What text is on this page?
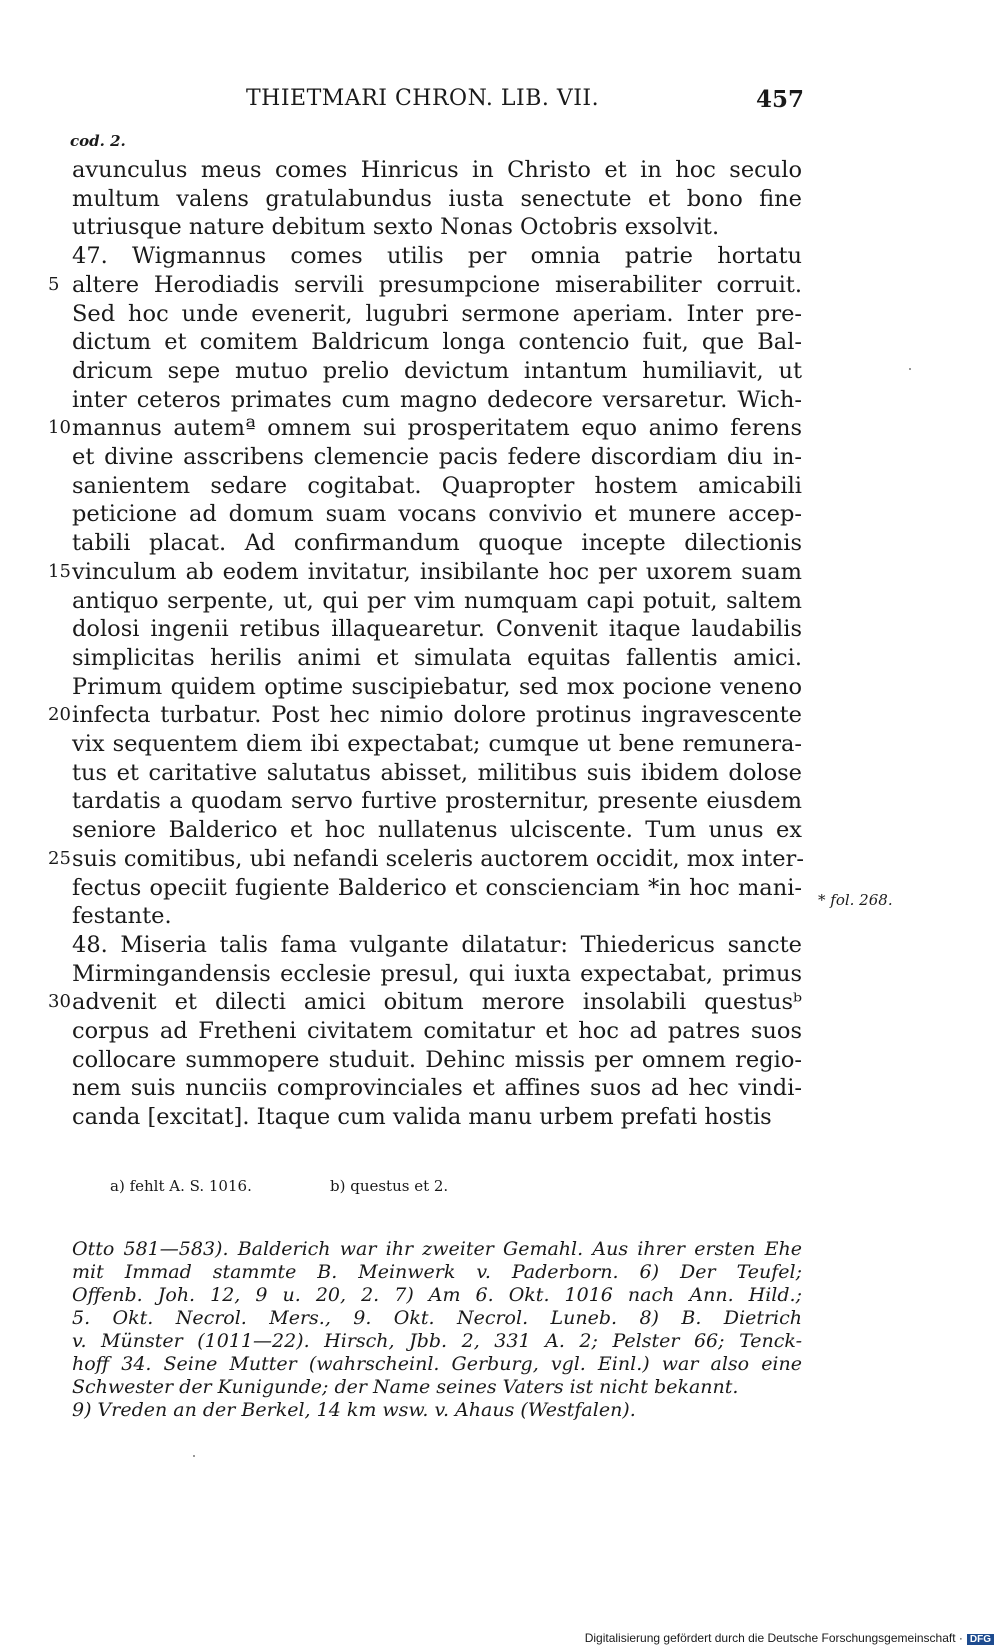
THIETMARI CHRON. LIB. VII.	457
cod. 2.
avunculus meus comes Hinricus in Christo et in hoc seculo
multum valens gratulabundus iusta senectute et bono fine
utriusque nature debitum sexto Nonas Octobris exsolvit.
47. Wigmannus comes utilis per omnia patrie hortatu
altere Herodiadis servili presumpcione miserabiliter corruit.
Sed hoc unde evenerit, lugubri sermone aperiam. Inter pre-
dictum et comitem Baldricum longa contencio fuit, que Bal-
dricum sepe mutuo prelio devictum intantum humiliavit, ut
inter ceteros primates cum magno dedecore versaretur. Wich-
mannus autemª omnem sui prosperitatem equo animo ferens
et divine asscribens clemencie pacis federe discordiam diu in-
sanientem sedare cogitabat. Quapropter hostem amicabili
peticione ad domum suam vocans convivio et munere accep-
tabili placat. Ad confirmandum quoque incepte dilectionis
vinculum ab eodem invitatur, insibilante hoc per uxorem suam
antiquo serpente, ut, qui per vim numquam capi potuit, saltem
dolosi ingenii retibus illaquearetur. Convenit itaque laudabilis
simplicitas herilis animi et simulata equitas fallentis amici.
Primum quidem optime suscipiebatur, sed mox pocione veneno
infecta turbatur. Post hec nimio dolore protinus ingravescente
vix sequentem diem ibi expectabat; cumque ut bene remunera-
tus et caritative salutatus abisset, militibus suis ibidem dolose
tardatis a quodam servo furtive prosternitur, presente eiusdem
seniore Balderico et hoc nullatenus ulciscente. Tum unus ex
suis comitibus, ubi nefandi sceleris auctorem occidit, mox inter-
fectus opeciit fugiente Balderico et conscienciam *in hoc mani-
festante.
48. Miseria talis fama vulgante dilatatur: Thiedericus sancte
Mirmingandensis ecclesie presul, qui iuxta expectabat, primus
advenit et dilecti amici obitum merore insolabili questusᵇ
corpus ad Fretheni civitatem comitatur et hoc ad patres suos
collocare summopere studuit. Dehinc missis per omnem regio-
nem suis nunciis comprovinciales et affines suos ad hec vindi-
canda [excitat]. Itaque cum valida manu urbem prefati hostis
5
10
15
20
25
30
* fol. 268.
a) fehlt A. S. 1016.	b) questus et 2.
Otto 581—583). Balderich war ihr zweiter Gemahl. Aus ihrer ersten Ehe
mit Immad stammte B. Meinwerk v. Paderborn. 6) Der Teufel;
Offenb. Joh. 12, 9 u. 20, 2. 7) Am 6. Okt. 1016 nach Ann. Hild.;
5. Okt. Necrol. Mers., 9. Okt. Necrol. Luneb. 8) B. Dietrich
v. Münster (1011—22). Hirsch, Jbb. 2, 331 A. 2; Pelster 66; Tenck-
hoff 34. Seine Mutter (wahrscheinl. Gerburg, vgl. Einl.) war also eine
Schwester der Kunigunde; der Name seines Vaters ist nicht bekannt.
9) Vreden an der Berkel, 14 km wsw. v. Ahaus (Westfalen).
Digitalisierung gefördert durch die Deutsche Forschungsgemeinschaft · DFG
